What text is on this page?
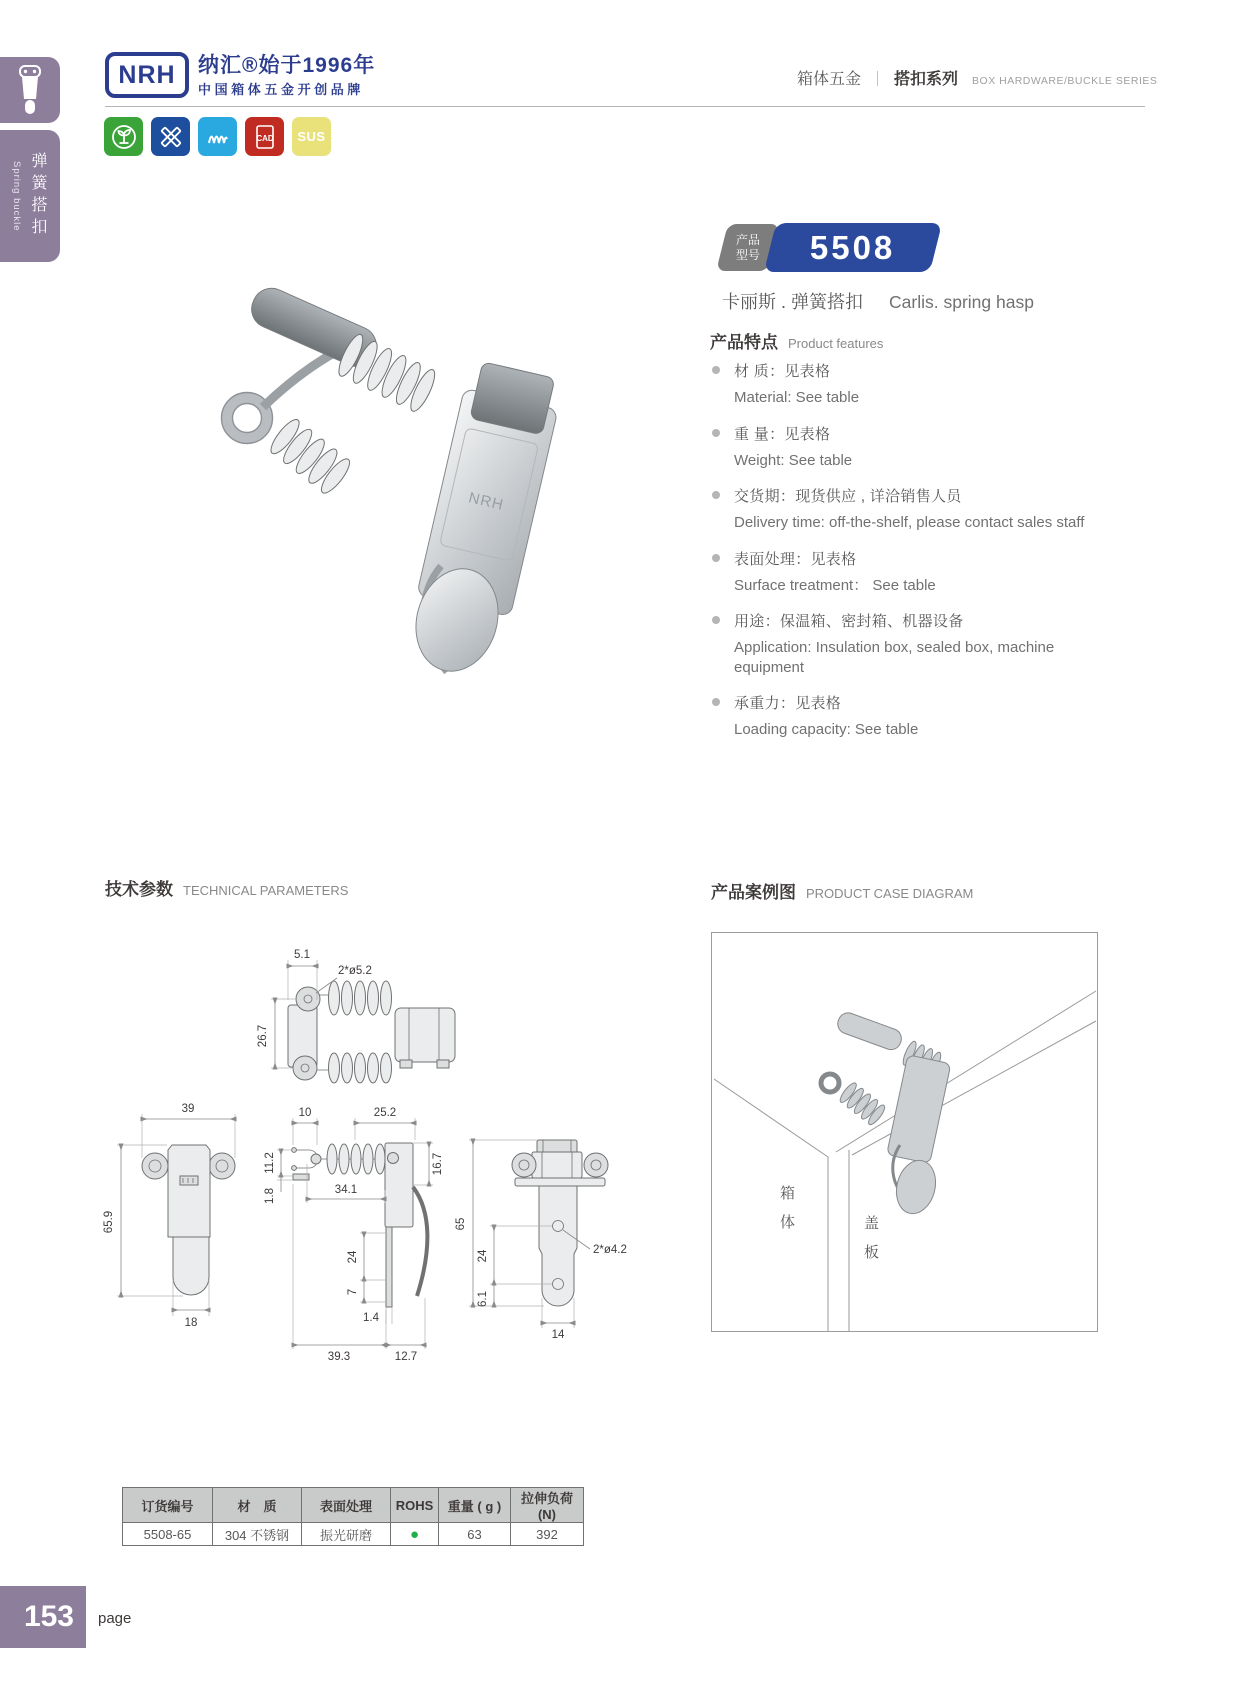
NRH	纳汇®始于1996年
中国箱体五金开创品牌
箱体五金 ｜ 搭扣系列 BOX HARDWARE/BUCKLE SERIES
CAD SUS
Spring buckle 弹簧搭扣
NRH
产品
型号 5508
卡丽斯 . 弹簧搭扣 Carlis. spring hasp
产品特点 Product features
材 质：见表格
Material: See table
重 量：见表格
Weight: See table
交货期：现货供应 , 详洽销售人员
Delivery time: off-the-shelf, please contact sales staff
表面处理：见表格
Surface treatment： See table
用途：保温箱、密封箱、机器设备
Application: Insulation box, sealed box, machine equipment
承重力：见表格
Loading capacity: See table
技术参数 TECHNICAL PARAMETERS
5.1
2*ø5.2
26.7
39
65.9
18
10	25.2
11.2
1.8	34.1
16.7
24
7
1.4
39.3	12.7
65
24
6.1
14
2*ø4.2
产品案例图 PRODUCT CASE DIAGRAM
箱体
盖板
订货编号	材　质	表面处理	ROHS	重量 ( g )	拉伸负荷 (N)
5508-65	304 不锈钢	振光研磨	●	63	392
153	page
